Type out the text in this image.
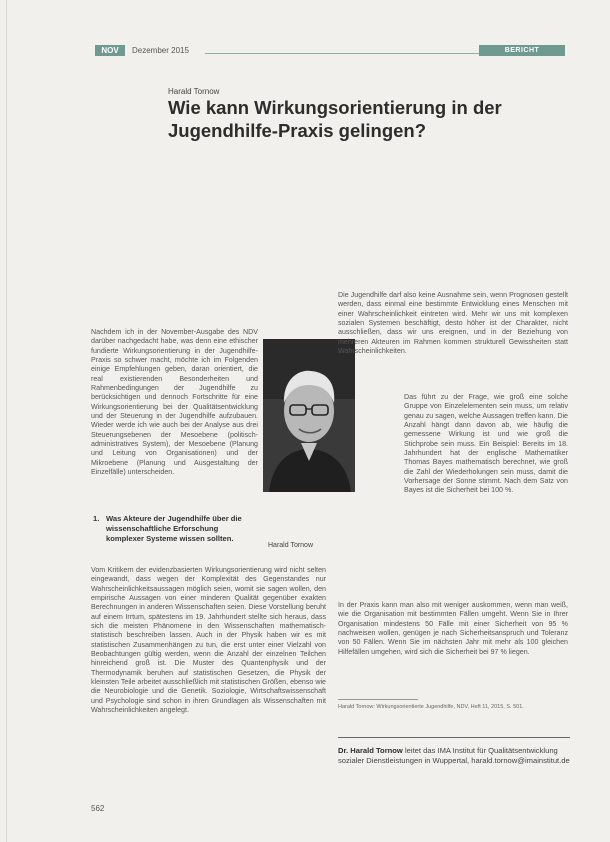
NOV	Dezember 2015	BERICHT
Harald Tornow
Wie kann Wirkungsorientierung in der Jugendhilfe-Praxis gelingen?

Nachdem ich in der November-Ausgabe des NDV darüber nachgedacht habe, was denn eine ethischer fundierte Wirkungsorientierung in der Jugendhilfe-Praxis so schwer macht, möchte ich im Folgenden einige Empfehlungen geben, daran orientiert, die real existierenden Besonderheiten und Rahmenbedingungen der Jugendhilfe zu berücksichtigen und dennoch Fortschritte für eine Wirkungsorientierung bei der Qualitätsentwicklung und der Steuerung in der Jugendhilfe aufzubauen. Wieder werde ich wie auch bei der Analyse aus drei Steuerungsebenen der Mesoebene (politisch-administratives System), der Mesoebene (Planung und Leitung von Organisationen) und der Mikroebene (Planung und Ausgestaltung der Einzelfälle) unterscheiden.

Harald Tornow
1. Was Akteure der Jugendhilfe über die wissenschaftliche Erforschung komplexer Systeme wissen sollten.

Vom Kritikern der evidenzbasierten Wirkungsorientierung wird nicht selten eingewandt, dass wegen der Komplexität des Gegenstandes nur Wahrscheinlichkeitsaussagen möglich seien, womit sie sagen wollen, den empirische Aussagen von einer minderen Qualität gegenüber exakten Berechnungen in anderen Wissenschaften seien. Diese Vorstellung beruht auf einem Irrtum, spätestens im 19. Jahrhundert stellte sich heraus, dass sich die meisten Phänomene in den Wissenschaften mathematisch-statistisch beschreiben lassen. Auch in der Physik haben wir es mit statistischen Zusammenhängen zu tun, die erst unter einer Vielzahl von Beobachtungen gültig werden, wenn die Anzahl der einzelnen Teilchen hinreichend groß ist. Die Muster des Quantenphysik und der Thermodynamik beruhen auf statistischen Gesetzen, die Physik der kleinsten Teile arbeitet ausschließlich mit statistischen Größen, ebenso wie die Neurobiologie und die Genetik. Soziologie, Wirtschaftswissenschaft und Psychologie sind schon in ihren Grundlagen als Wissenschaften mit Wahrscheinlichkeiten angelegt.

Die Jugendhilfe darf also keine Ausnahme sein, wenn Prognosen gestellt werden, dass einmal eine bestimmte Entwicklung eines Menschen mit einer Wahrscheinlichkeit eintreten wird. Mehr wir uns mit komplexen sozialen Systemen beschäftigt, desto höher ist der Charakter, nicht ausschließen, dass wir uns ereignen, und in der Beziehung von mehreren Akteuren im Rahmen kommen strukturell Gewissheiten statt Wahrscheinlichkeiten.

Das führt zu der Frage, wie groß eine solche Gruppe von Einzelelementen sein muss, um relativ genau zu sagen, welche Aussagen treffen kann. Die Anzahl hängt dann davon ab, wie häufig die gemessene Wirkung ist und wie groß die Stichprobe sein muss. Ein Beispiel: Bereits im 18. Jahrhundert hat der englische Mathematiker Thomas Bayes mathematisch berechnet, wie groß die Zahl der Wiederholungen sein muss, damit die Vorhersage der Sonne stimmt. Nach dem Satz von Bayes ist die Sicherheit bei 100 %.

In der Praxis kann man also mit weniger auskommen, wenn man weiß, wie die Organisation mit bestimmten Fällen umgeht. Wenn Sie in Ihrer Organisation mindestens 50 Fälle mit einer Sicherheit von 95 % nachweisen wollen, genügen je nach Sicherheitsanspruch und Toleranz von 50 Fällen. Wenn Sie im nächsten Jahr mit mehr als 100 gleichen Hilfefällen umgehen, wird sich die Sicherheit bei 97 % liegen.

Harald Tornow: Wirkungsorientierte Jugendhilfe, NDV, Heft 11, 2015, S. 501.
Dr. Harald Tornow leitet das IMA Institut für Qualitätsentwicklung sozialer Dienstleistungen in Wuppertal, harald.tornow@imainstitut.de
562
